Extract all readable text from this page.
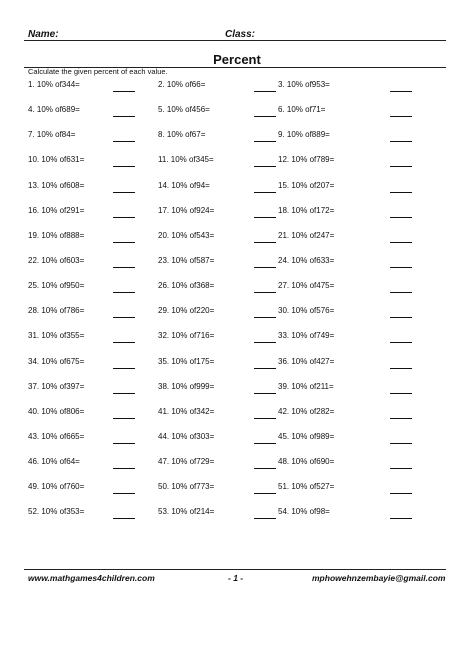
Name:	Class:
Percent
Calculate the given percent of each value.
1. 10% of344=	2. 10% of66=	3. 10% of953=
4. 10% of689=	5. 10% of456=	6. 10% of71=
7. 10% of84=	8. 10% of67=	9. 10% of889=
10. 10% of631=	11. 10% of345=	12. 10% of789=
13. 10% of608=	14. 10% of94=	15. 10% of207=
16. 10% of291=	17. 10% of924=	18. 10% of172=
19. 10% of888=	20. 10% of543=	21. 10% of247=
22. 10% of603=	23. 10% of587=	24. 10% of633=
25. 10% of950=	26. 10% of368=	27. 10% of475=
28. 10% of786=	29. 10% of220=	30. 10% of576=
31. 10% of355=	32. 10% of716=	33. 10% of749=
34. 10% of675=	35. 10% of175=	36. 10% of427=
37. 10% of397=	38. 10% of999=	39. 10% of211=
40. 10% of806=	41. 10% of342=	42. 10% of282=
43. 10% of665=	44. 10% of303=	45. 10% of989=
46. 10% of64=	47. 10% of729=	48. 10% of690=
49. 10% of760=	50. 10% of773=	51. 10% of527=
52. 10% of353=	53. 10% of214=	54. 10% of98=
www.mathgames4children.com	- 1 -	mphowehnzembayie@gmail.com
